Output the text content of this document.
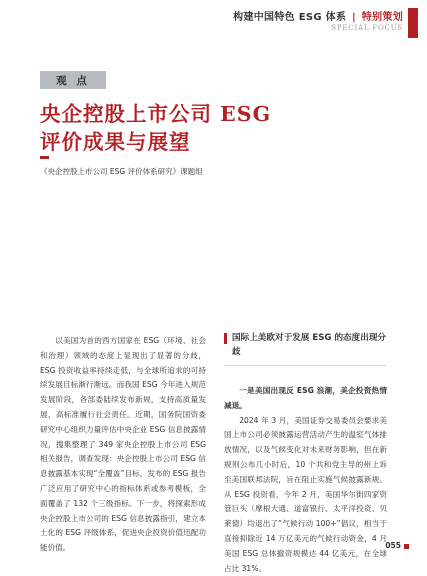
构建中国特色 ESG 体系 | 特别策划
SPECIAL FOCUS
观 点
央企控股上市公司 ESG
评价成果与展望
《央企控股上市公司 ESG 评价体系研究》课题组

以美国为首的西方国家在 ESG（环境、社会和治理）领域的态度上显现出了显著的分歧，ESG 投资收益率持续走低，与全球所追求的可持续发展目标渐行渐远。而我国 ESG 今年进入规范发展阶段，各部委陆续发布新规，支持高质量发展，高标准履行社会责任。近期，国务院国资委研究中心组织力量评估中央企业 ESG 信息披露情况，搜集整理了 349 家央企控股上市公司 ESG 相关报告，调查发现：央企控股上市公司 ESG 信息披露基本实现“全覆盖”目标，发布的 ESG 报告广泛应用了研究中心的指标体系或参考模板，全面覆盖了 132 个三级指标。下一步，将探索形成央企控股上市公司的 ESG 信息披露指引，建立本土化的 ESG 评级体系，促进央企投资价值迅配功能价值。

国际上美欧对于发展 ESG 的态度出现分歧

一是美国出现反 ESG 浪潮，美企投资热情减退。

2024 年 3 月，美国证券交易委员会要求美国上市公司必须披露运营活动产生的温室气体排放情况，以及气候变化对未来财务影响，但在新规则公布几小时后，10 个共和党主导的州上诉至美国联邦法院，旨在阻止实施气候披露新规。从 ESG 投资看，今年 2 月，美国华尔街四家资管巨头（摩根大通、道富银行、太平洋投资、贝莱德）均退出了“气候行动 100+”倡议，相当于直接抑除近 14 万亿美元的气候行动资金，4 月美国 ESG 总体撤资规模达 44 亿美元，在全球占比 31%。

055
